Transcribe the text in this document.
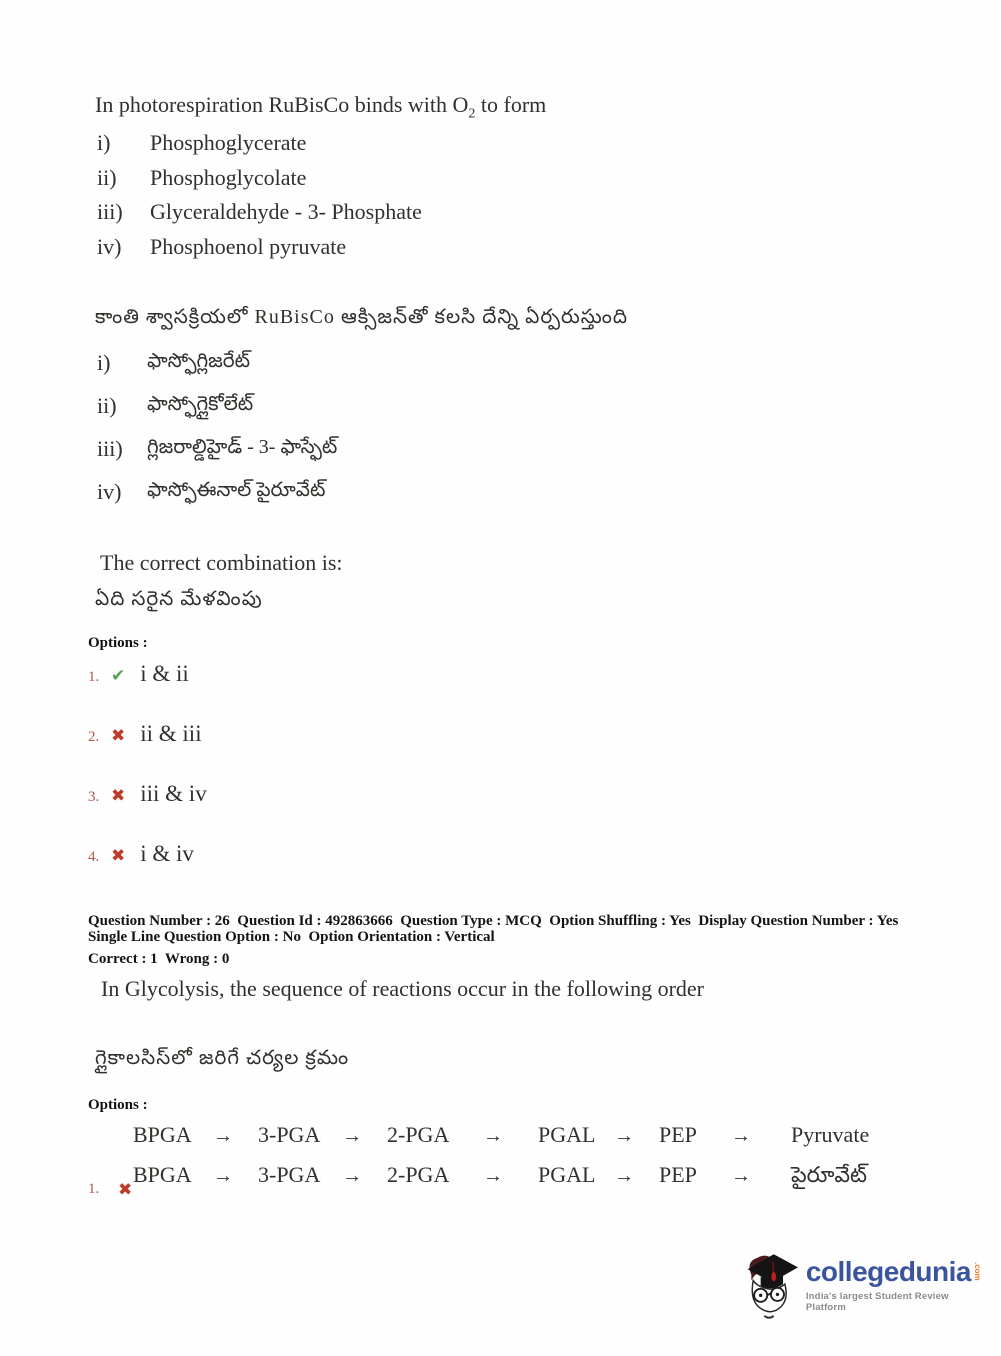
In photorespiration RuBisCo binds with $O_2$ to form
i)	Phosphoglycerate
ii)	Phosphoglycolate
iii)	Glyceraldehyde - 3- Phosphate
iv)	Phosphoenol pyruvate
కాంతి శ్వాసక్రియలో RuBisCo ఆక్సిజన్‌తో కలసి దేన్ని ఏర్పరుస్తుంది
i)	ఫాస్ఫోగ్లిజరేట్
ii)	ఫాస్ఫోగ్లైకోలేట్
iii)	గ్లిజరాల్డిహైడ్ - 3- ఫాస్ఫేట్
iv)	ఫాస్ఫోఈనాల్ పైరూవేట్
The correct combination is:
ఏది సరైన మేళవింపు
Options :
1. ✔ i & ii
2. ✖ ii & iii
3. ✖ iii & iv
4. ✖ i & iv
Question Number : 26  Question Id : 492863666  Question Type : MCQ  Option Shuffling : Yes  Display Question Number : Yes
Single Line Question Option : No  Option Orientation : Vertical
Correct : 1  Wrong : 0
In Glycolysis, the sequence of reactions occur in the following order
గ్లైకాలసిస్‌లో జరిగే చర్యల క్రమం
Options :
BPGA	→	3-PGA	→	2-PGA	→	PGAL →	PEP	→	Pyruvate
BPGA	→	3-PGA	→	2-PGA	→	PGAL →	PEP	→	పైరూవేట్
1. ✖
collegedunia .com
India's largest Student Review Platform
